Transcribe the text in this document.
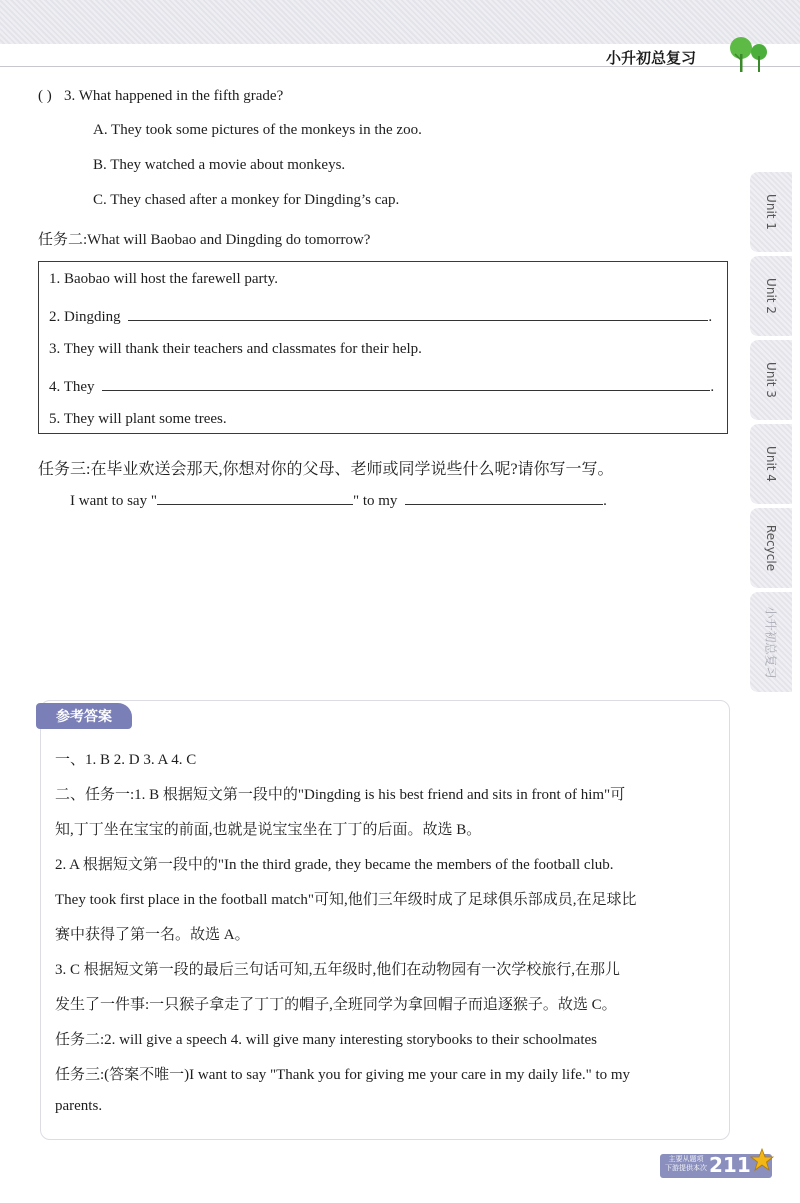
小升初总复习
( ) 3. What happened in the fifth grade?
A. They took some pictures of the monkeys in the zoo.
B. They watched a movie about monkeys.
C. They chased after a monkey for Dingding’s cap.
任务二:What will Baobao and Dingding do tomorrow?
1. Baobao will host the farewell party.
2. Dingding	.
3. They will thank their teachers and classmates for their help.
4. They	.
5. They will plant some trees.
任务三:在毕业欢送会那天,你想对你的父母、老师或同学说些什么呢?请你写一写。
I want to say "	" to my	.
Unit 1
Unit 2
Unit 3
Unit 4
Recycle
小升初总复习
参考答案
一、1. B 2. D 3. A 4. C
二、任务一:1. B 根据短文第一段中的"Dingding is his best friend and sits in front of him"可
知,丁丁坐在宝宝的前面,也就是说宝宝坐在丁丁的后面。故选 B。
2. A 根据短文第一段中的"In the third grade, they became the members of the football club.
They took first place in the football match"可知,他们三年级时成了足球俱乐部成员,在足球比
赛中获得了第一名。故选 A。
3. C 根据短文第一段的最后三句话可知,五年级时,他们在动物园有一次学校旅行,在那儿
发生了一件事:一只猴子拿走了丁丁的帽子,全班同学为拿回帽子而追逐猴子。故选 C。
任务二:2. will give a speech 4. will give many interesting storybooks to their schoolmates
任务三:(答案不唯一)I want to say "Thank you for giving me your care in my daily life." to my
parents.
主要从题项
下游提供本次 211
